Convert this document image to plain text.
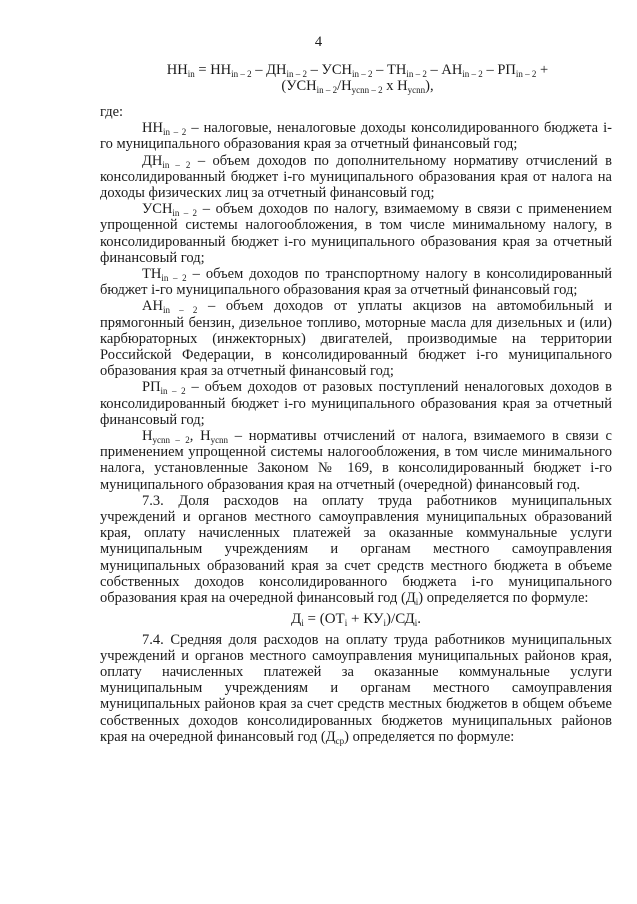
4
$НН_{in} = НН_{in - 2} - ДН_{in - 2} - УСН_{in - 2} - ТН_{in - 2} - АН_{in - 2} - РП_{in - 2}$ +
($УСН_{in - 2}/Н_{усnn - 2}$ х $Н_{усnn}$),

где:

$НН_{in - 2}$ – налоговые, неналоговые доходы консолидированного бюджета i-го муниципального образования края за отчетный финансовый год;

$ДН_{in - 2}$ – объем доходов по дополнительному нормативу отчислений в консолидированный бюджет i-го муниципального образования края от налога на доходы физических лиц за отчетный финансовый год;

$УСН_{in - 2}$ – объем доходов по налогу, взимаемому в связи с применением упрощенной системы налогообложения, в том числе минимальному налогу, в консолидированный бюджет i-го муниципального образования края за отчетный финансовый год;

$ТН_{in - 2}$ – объем доходов по транспортному налогу в консолидированный бюджет i-го муниципального образования края за отчетный финансовый год;

$АН_{in - 2}$ – объем доходов от уплаты акцизов на автомобильный и прямогонный бензин, дизельное топливо, моторные масла для дизельных и (или) карбюраторных (инжекторных) двигателей, производимые на территории Российской Федерации, в консолидированный бюджет i-го муниципального образования края за отчетный финансовый год;

$РП_{in - 2}$ – объем доходов от разовых поступлений неналоговых доходов в консолидированный бюджет i-го муниципального образования края за отчетный финансовый год;

$Н_{усnn - 2}$, $Н_{усnn}$ – нормативы отчислений от налога, взимаемого в связи с применением упрощенной системы налогообложения, в том числе минимального налога, установленные Законом № 169, в консолидированный бюджет i-го муниципального образования края на отчетный (очередной) финансовый год.

7.3. Доля расходов на оплату труда работников муниципальных учреждений и органов местного самоуправления муниципальных образований края, оплату начисленных платежей за оказанные коммунальные услуги муниципальным учреждениям и органам местного самоуправления муниципальных образований края за счет средств местного бюджета в объеме собственных доходов консолидированного бюджета i-го муниципального образования края на очередной финансовый год $(Д_i)$ определяется по формуле:

$Д_i = (ОТ_i + КУ_i)/СД_i$.

7.4. Средняя доля расходов на оплату труда работников муниципальных учреждений и органов местного самоуправления муниципальных районов края, оплату начисленных платежей за оказанные коммунальные услуги муниципальным учреждениям и органам местного самоуправления муниципальных районов края за счет средств местных бюджетов в общем объеме собственных доходов консолидированных бюджетов муниципальных районов края на очередной финансовый год $(Д_{ср})$ определяется по формуле:
